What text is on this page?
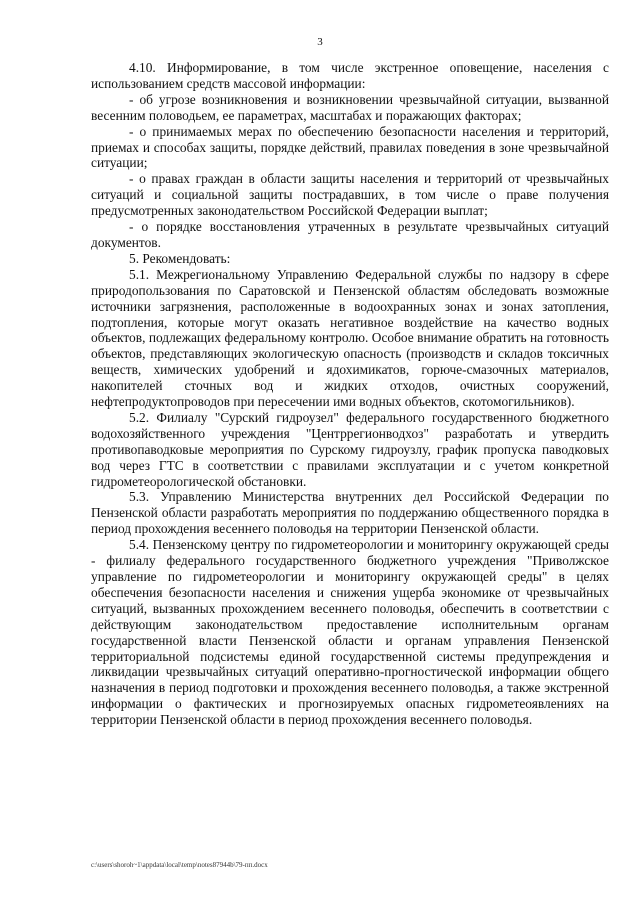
3

4.10. Информирование, в том числе экстренное оповещение, населения с использованием средств массовой информации:

- об угрозе возникновения и возникновении чрезвычайной ситуации, вызванной весенним половодьем, ее параметрах, масштабах и поражающих факторах;

- о принимаемых мерах по обеспечению безопасности населения и территорий, приемах и способах защиты, порядке действий, правилах поведения в зоне чрезвычайной ситуации;

- о правах граждан в области защиты населения и территорий от чрезвычайных ситуаций и социальной защиты пострадавших, в том числе о праве получения предусмотренных законодательством Российской Федерации выплат;

- о порядке восстановления утраченных в результате чрезвычайных ситуаций документов.

5. Рекомендовать:

5.1. Межрегиональному Управлению Федеральной службы по надзору в сфере природопользования по Саратовской и Пензенской областям обследовать возможные источники загрязнения, расположенные в водоохранных зонах и зонах затопления, подтопления, которые могут оказать негативное воздействие на качество водных объектов, подлежащих федеральному контролю. Особое внимание обратить на готовность объектов, представляющих экологическую опасность (производств и складов токсичных веществ, химических удобрений и ядохимикатов, горюче-смазочных материалов, накопителей сточных вод и жидких отходов, очистных сооружений, нефтепродуктопроводов при пересечении ими водных объектов, скотомогильников).

5.2. Филиалу "Сурский гидроузел" федерального государственного бюджетного водохозяйственного учреждения "Центррегионводхоз" разработать и утвердить противопаводковые мероприятия по Сурскому гидроузлу, график пропуска паводковых вод через ГТС в соответствии с правилами эксплуатации и с учетом конкретной гидрометеорологической обстановки.

5.3. Управлению Министерства внутренних дел Российской Федерации по Пензенской области разработать мероприятия по поддержанию общественного порядка в период прохождения весеннего половодья на территории Пензенской области.

5.4. Пензенскому центру по гидрометеорологии и мониторингу окружающей среды - филиалу федерального государственного бюджетного учреждения "Приволжское управление по гидрометеорологии и мониторингу окружающей среды" в целях обеспечения безопасности населения и снижения ущерба экономике от чрезвычайных ситуаций, вызванных прохождением весеннего половодья, обеспечить в соответствии с действующим законодательством предоставление исполнительным органам государственной власти Пензенской области и органам управления Пензенской территориальной подсистемы единой государственной системы предупреждения и ликвидации чрезвычайных ситуаций оперативно-прогностической информации общего назначения в период подготовки и прохождения весеннего половодья, а также экстренной информации о фактических и прогнозируемых опасных гидрометеоявлениях на территории Пензенской области в период прохождения весеннего половодья.

c:\users\shoroh~1\appdata\local\temp\notes87944b\79-пп.docx
